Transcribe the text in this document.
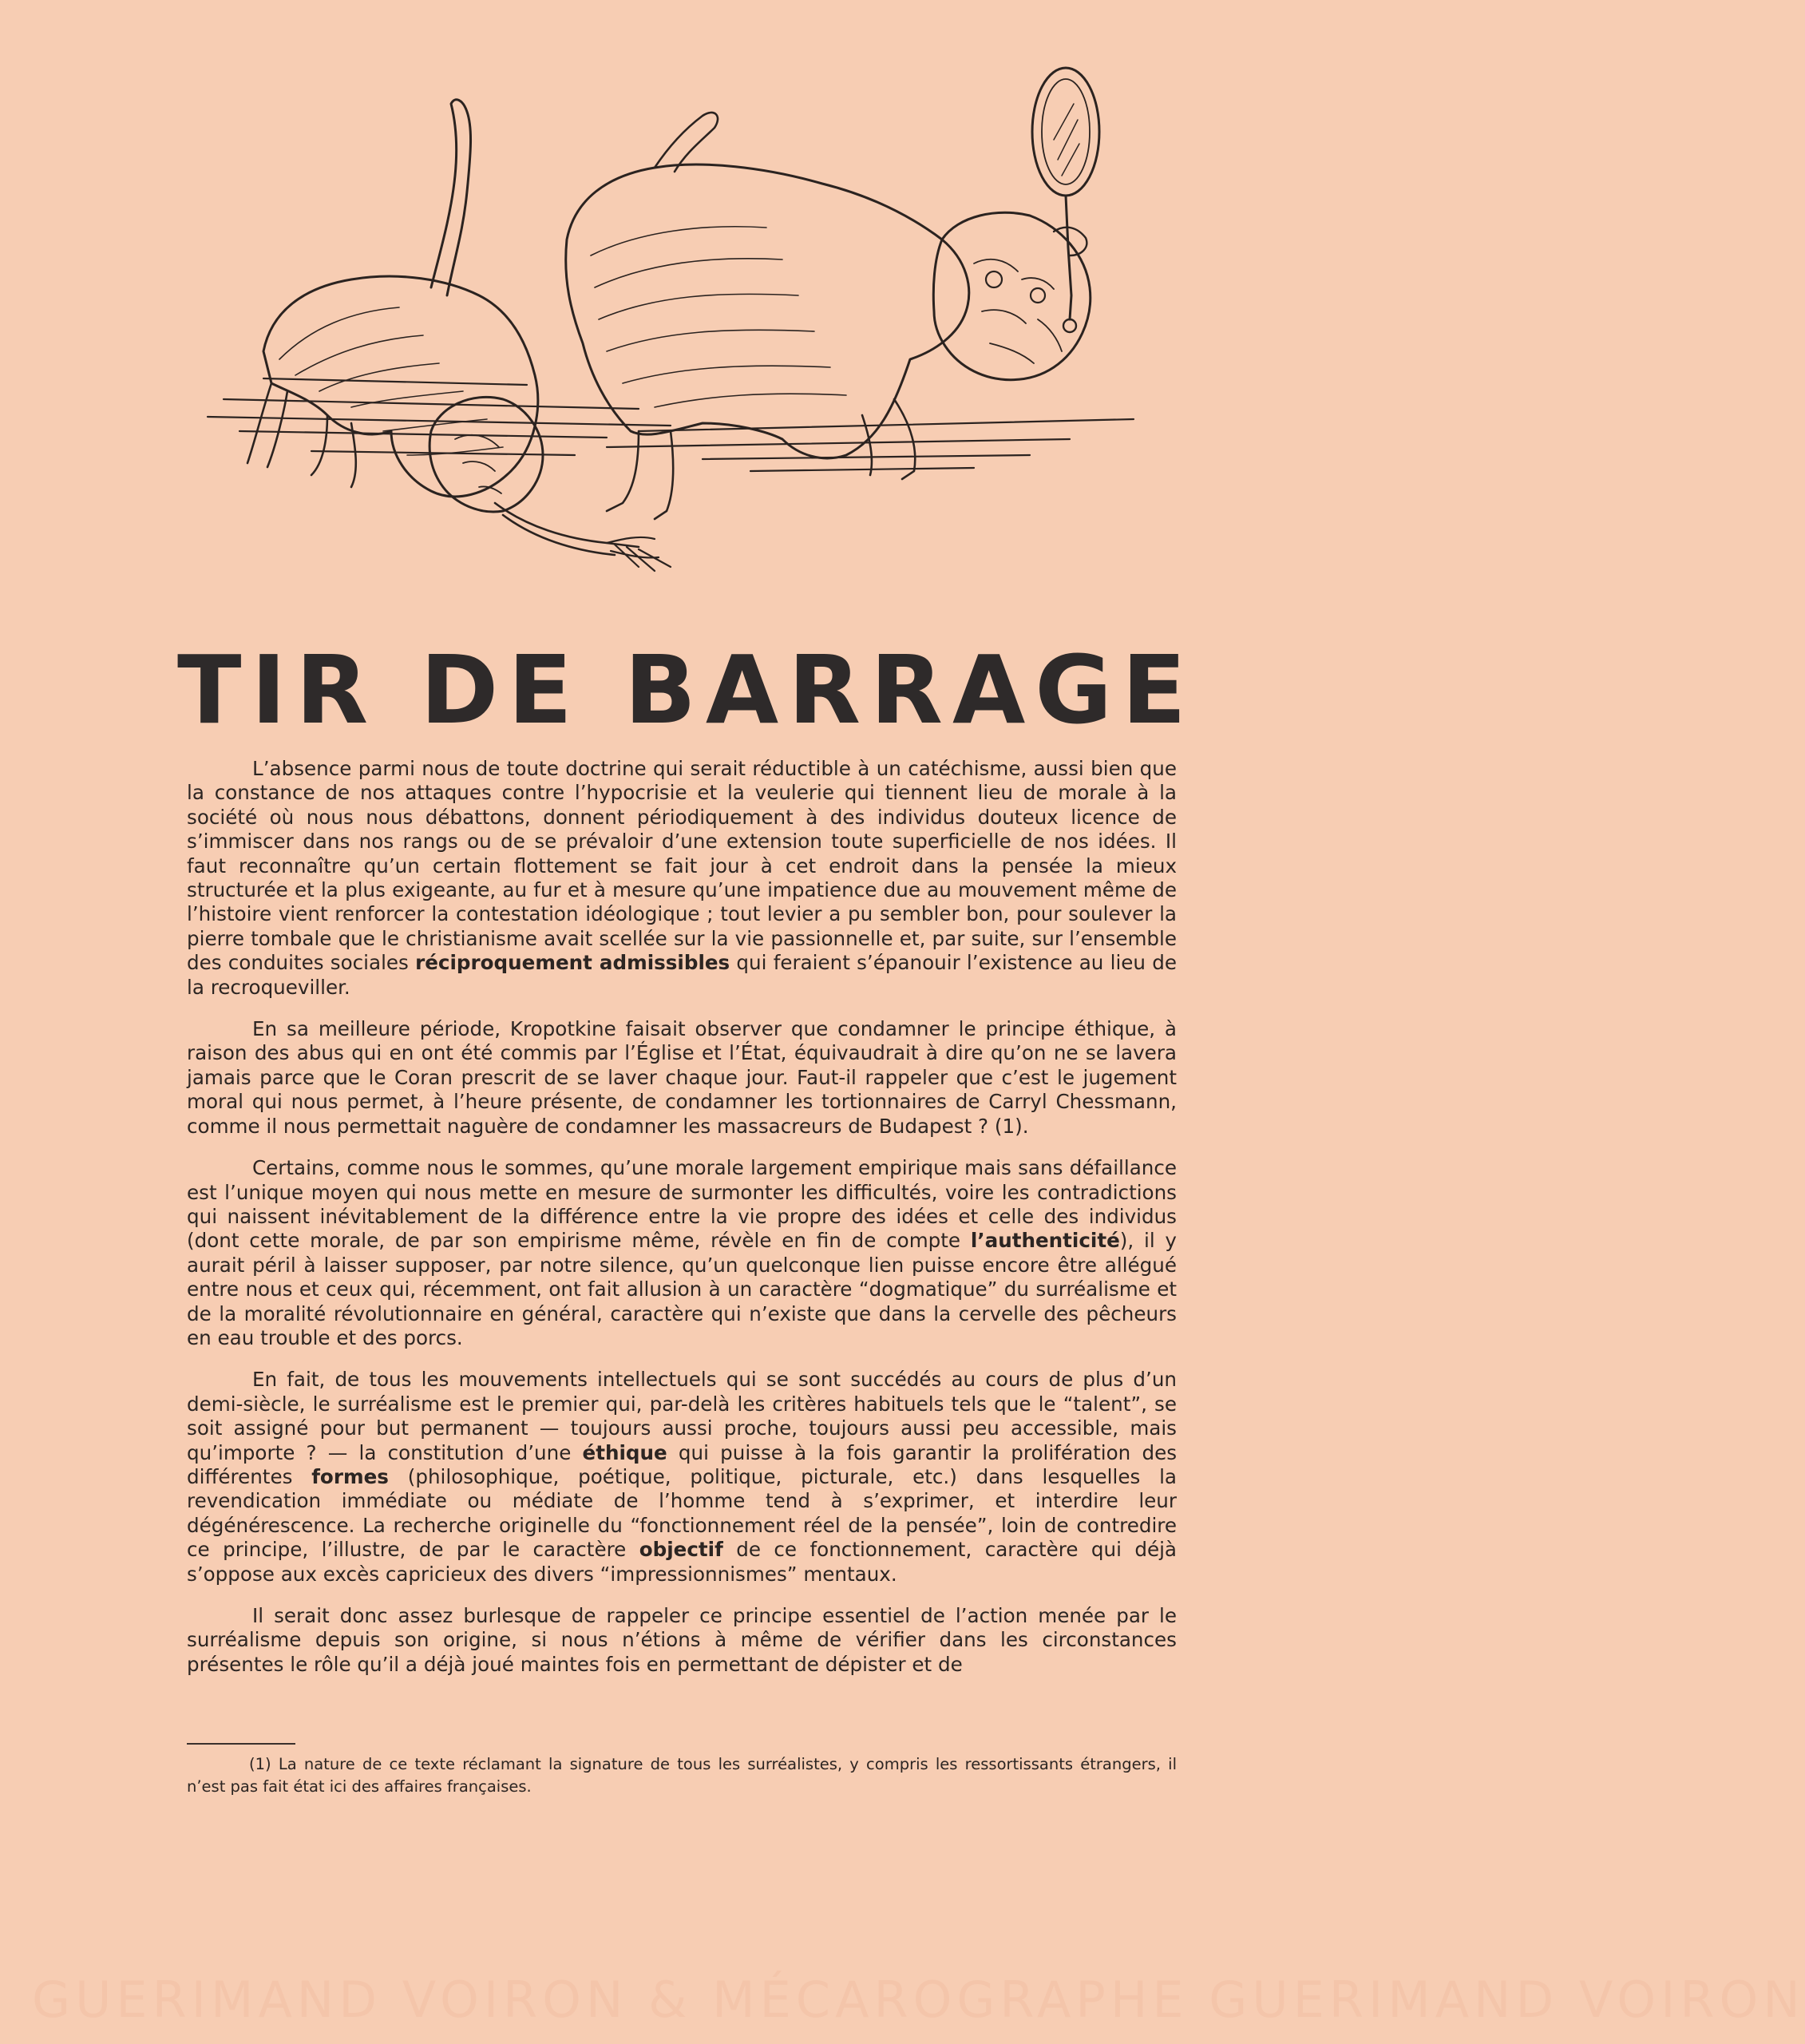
TIR DE BARRAGE

L’absence parmi nous de toute doctrine qui serait réductible à un catéchisme, aussi bien que la constance de nos attaques contre l’hypocrisie et la veulerie qui tiennent lieu de morale à la société où nous nous débattons, donnent périodiquement à des individus douteux licence de s’immiscer dans nos rangs ou de se prévaloir d’une extension toute superficielle de nos idées. Il faut reconnaître qu’un certain flottement se fait jour à cet endroit dans la pensée la mieux structurée et la plus exigeante, au fur et à mesure qu’une impatience due au mouvement même de l’histoire vient renforcer la contestation idéologique ; tout levier a pu sembler bon, pour soulever la pierre tombale que le christianisme avait scellée sur la vie passionnelle et, par suite, sur l’ensemble des conduites sociales réciproquement admissibles qui feraient s’épanouir l’existence au lieu de la recroqueviller.

En sa meilleure période, Kropotkine faisait observer que condamner le principe éthique, à raison des abus qui en ont été commis par l’Église et l’État, équivaudrait à dire qu’on ne se lavera jamais parce que le Coran prescrit de se laver chaque jour. Faut-il rappeler que c’est le jugement moral qui nous permet, à l’heure présente, de condamner les tortionnaires de Carryl Chessmann, comme il nous permettait naguère de condamner les massacreurs de Budapest ? (1).

Certains, comme nous le sommes, qu’une morale largement empirique mais sans défaillance est l’unique moyen qui nous mette en mesure de surmonter les difficultés, voire les contradictions qui naissent inévitablement de la différence entre la vie propre des idées et celle des individus (dont cette morale, de par son empirisme même, révèle en fin de compte l’authenticité), il y aurait péril à laisser supposer, par notre silence, qu’un quelconque lien puisse encore être allégué entre nous et ceux qui, récemment, ont fait allusion à un caractère “dogmatique” du surréalisme et de la moralité révolutionnaire en général, caractère qui n’existe que dans la cervelle des pêcheurs en eau trouble et des porcs.

En fait, de tous les mouvements intellectuels qui se sont succédés au cours de plus d’un demi-siècle, le surréalisme est le premier qui, par-delà les critères habituels tels que le “talent”, se soit assigné pour but permanent — toujours aussi proche, toujours aussi peu accessible, mais qu’importe ? — la constitution d’une éthique qui puisse à la fois garantir la prolifération des différentes formes (philosophique, poétique, politique, picturale, etc.) dans lesquelles la revendication immédiate ou médiate de l’homme tend à s’exprimer, et interdire leur dégénérescence. La recherche originelle du “fonctionnement réel de la pensée”, loin de contredire ce principe, l’illustre, de par le caractère objectif de ce fonctionnement, caractère qui déjà s’oppose aux excès capricieux des divers “impressionnismes” mentaux.

Il serait donc assez burlesque de rappeler ce principe essentiel de l’action menée par le surréalisme depuis son origine, si nous n’étions à même de vérifier dans les circonstances présentes le rôle qu’il a déjà joué maintes fois en permettant de dépister et de

(1) La nature de ce texte réclamant la signature de tous les surréalistes, y compris les ressortissants étrangers, il n’est pas fait état ici des affaires françaises.
GUERIMAND VOIRON & MÉCAROGRAPHE GUERIMAND VOIRON
